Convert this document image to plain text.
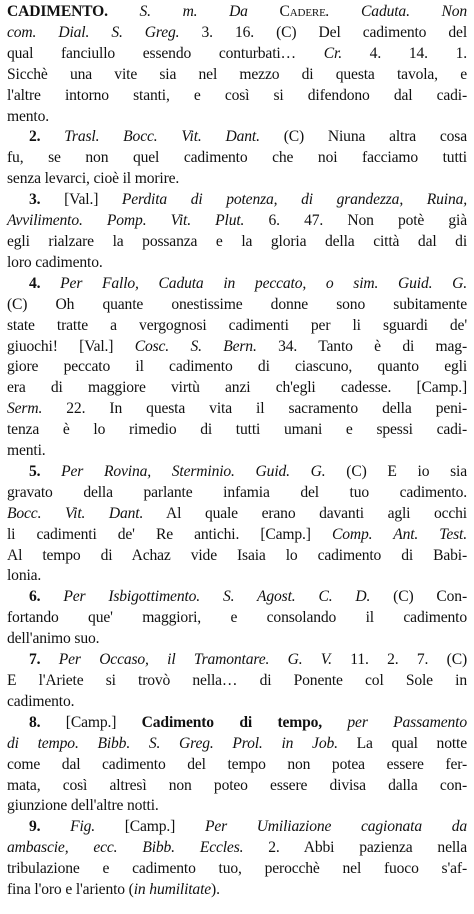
CADIMENTO. S. m. Da Cadere. Caduta. Non
com. Dial. S. Greg. 3. 16. (C) Del cadimento del
qual fanciullo essendo conturbati… Cr. 4. 14. 1.
Sicchè una vite sia nel mezzo di questa tavola, e
l'altre intorno stanti, e così si difendono dal cadi-
mento.
2. Trasl. Bocc. Vit. Dant. (C) Niuna altra cosa
fu, se non quel cadimento che noi facciamo tutti
senza levarci, cioè il morire.
3. [Val.] Perdita di potenza, di grandezza, Ruina,
Avvilimento. Pomp. Vit. Plut. 6. 47. Non potè già
egli rialzare la possanza e la gloria della città dal di
loro cadimento.
4. Per Fallo, Caduta in peccato, o sim. Guid. G.
(C) Oh quante onestissime donne sono subitamente
state tratte a vergognosi cadimenti per li sguardi de'
giuochi! [Val.] Cosc. S. Bern. 34. Tanto è di mag-
giore peccato il cadimento di ciascuno, quanto egli
era di maggiore virtù anzi ch'egli cadesse. [Camp.]
Serm. 22. In questa vita il sacramento della peni-
tenza è lo rimedio di tutti umani e spessi cadi-
menti.
5. Per Rovina, Sterminio. Guid. G. (C) E io sia
gravato della parlante infamia del tuo cadimento.
Bocc. Vit. Dant. Al quale erano davanti agli occhi
li cadimenti de' Re antichi. [Camp.] Comp. Ant. Test.
Al tempo di Achaz vide Isaia lo cadimento di Babi-
lonia.
6. Per Isbigottimento. S. Agost. C. D. (C) Con-
fortando que' maggiori, e consolando il cadimento
dell'animo suo.
7. Per Occaso, il Tramontare. G. V. 11. 2. 7. (C)
E l'Ariete si trovò nella… di Ponente col Sole in
cadimento.
8. [Camp.] Cadimento di tempo, per Passamento
di tempo. Bibb. S. Greg. Prol. in Job. La qual notte
come dal cadimento del tempo non potea essere fer-
mata, così altresì non poteo essere divisa dalla con-
giunzione dell'altre notti.
9. Fig. [Camp.] Per Umiliazione cagionata da
ambascie, ecc. Bibb. Eccles. 2. Abbi pazienza nella
tribulazione e cadimento tuo, perocchè nel fuoco s'af-
fina l'oro e l'ariento (in humilitate).
